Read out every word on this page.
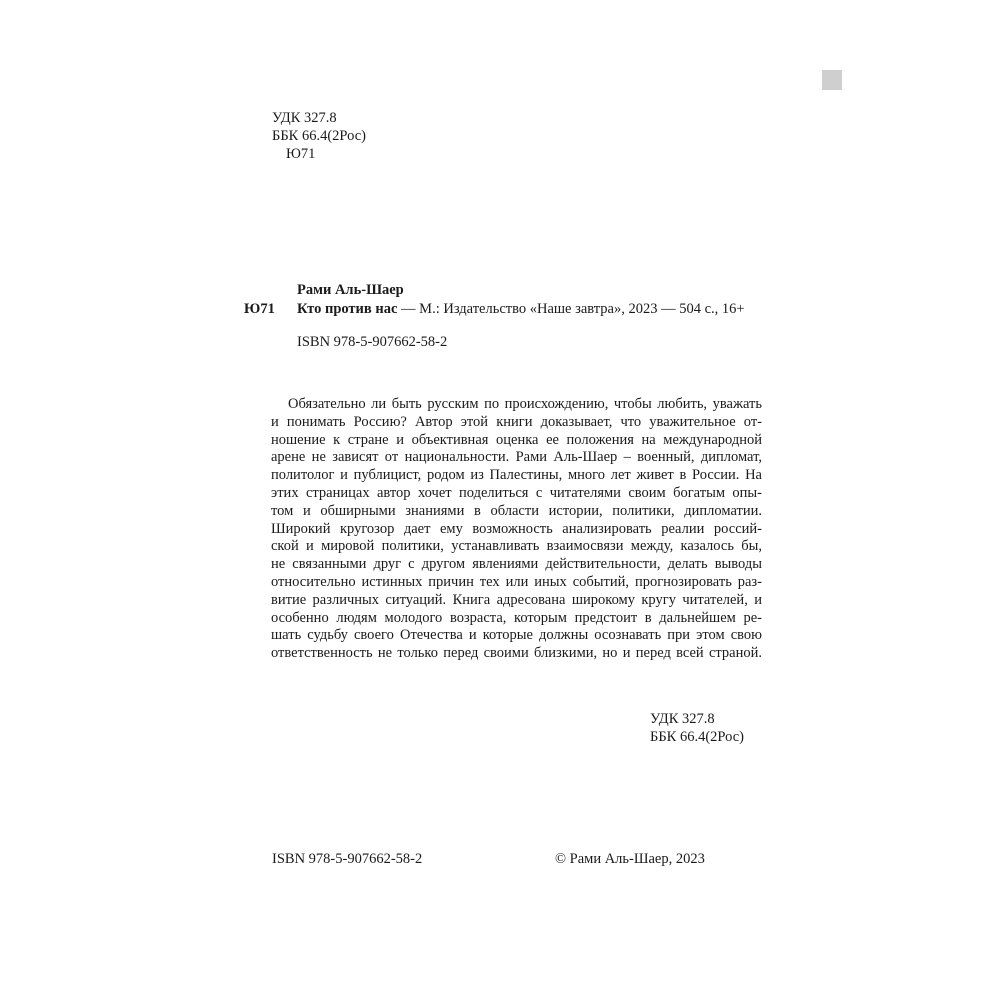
УДК 327.8
ББК 66.4(2Рос)
Ю71
Рами Аль-Шаер
Ю71 Кто против нас — М.: Издательство «Наше завтра», 2023 — 504 с., 16+
ISBN 978-5-907662-58-2
Обязательно ли быть русским по происхождению, чтобы любить, уважать
и понимать Россию? Автор этой книги доказывает, что уважительное от-
ношение к стране и объективная оценка ее положения на международной
арене не зависят от национальности. Рами Аль-Шаер – военный, дипломат,
политолог и публицист, родом из Палестины, много лет живет в России. На
этих страницах автор хочет поделиться с читателями своим богатым опы-
том и обширными знаниями в области истории, политики, дипломатии.
Широкий кругозор дает ему возможность анализировать реалии россий-
ской и мировой политики, устанавливать взаимосвязи между, казалось бы,
не связанными друг с другом явлениями действительности, делать выводы
относительно истинных причин тех или иных событий, прогнозировать раз-
витие различных ситуаций. Книга адресована широкому кругу читателей, и
особенно людям молодого возраста, которым предстоит в дальнейшем ре-
шать судьбу своего Отечества и которые должны осознавать при этом свою
ответственность не только перед своими близкими, но и перед всей страной.
УДК 327.8
ББК 66.4(2Рос)
ISBN 978-5-907662-58-2	© Рами Аль-Шаер, 2023
